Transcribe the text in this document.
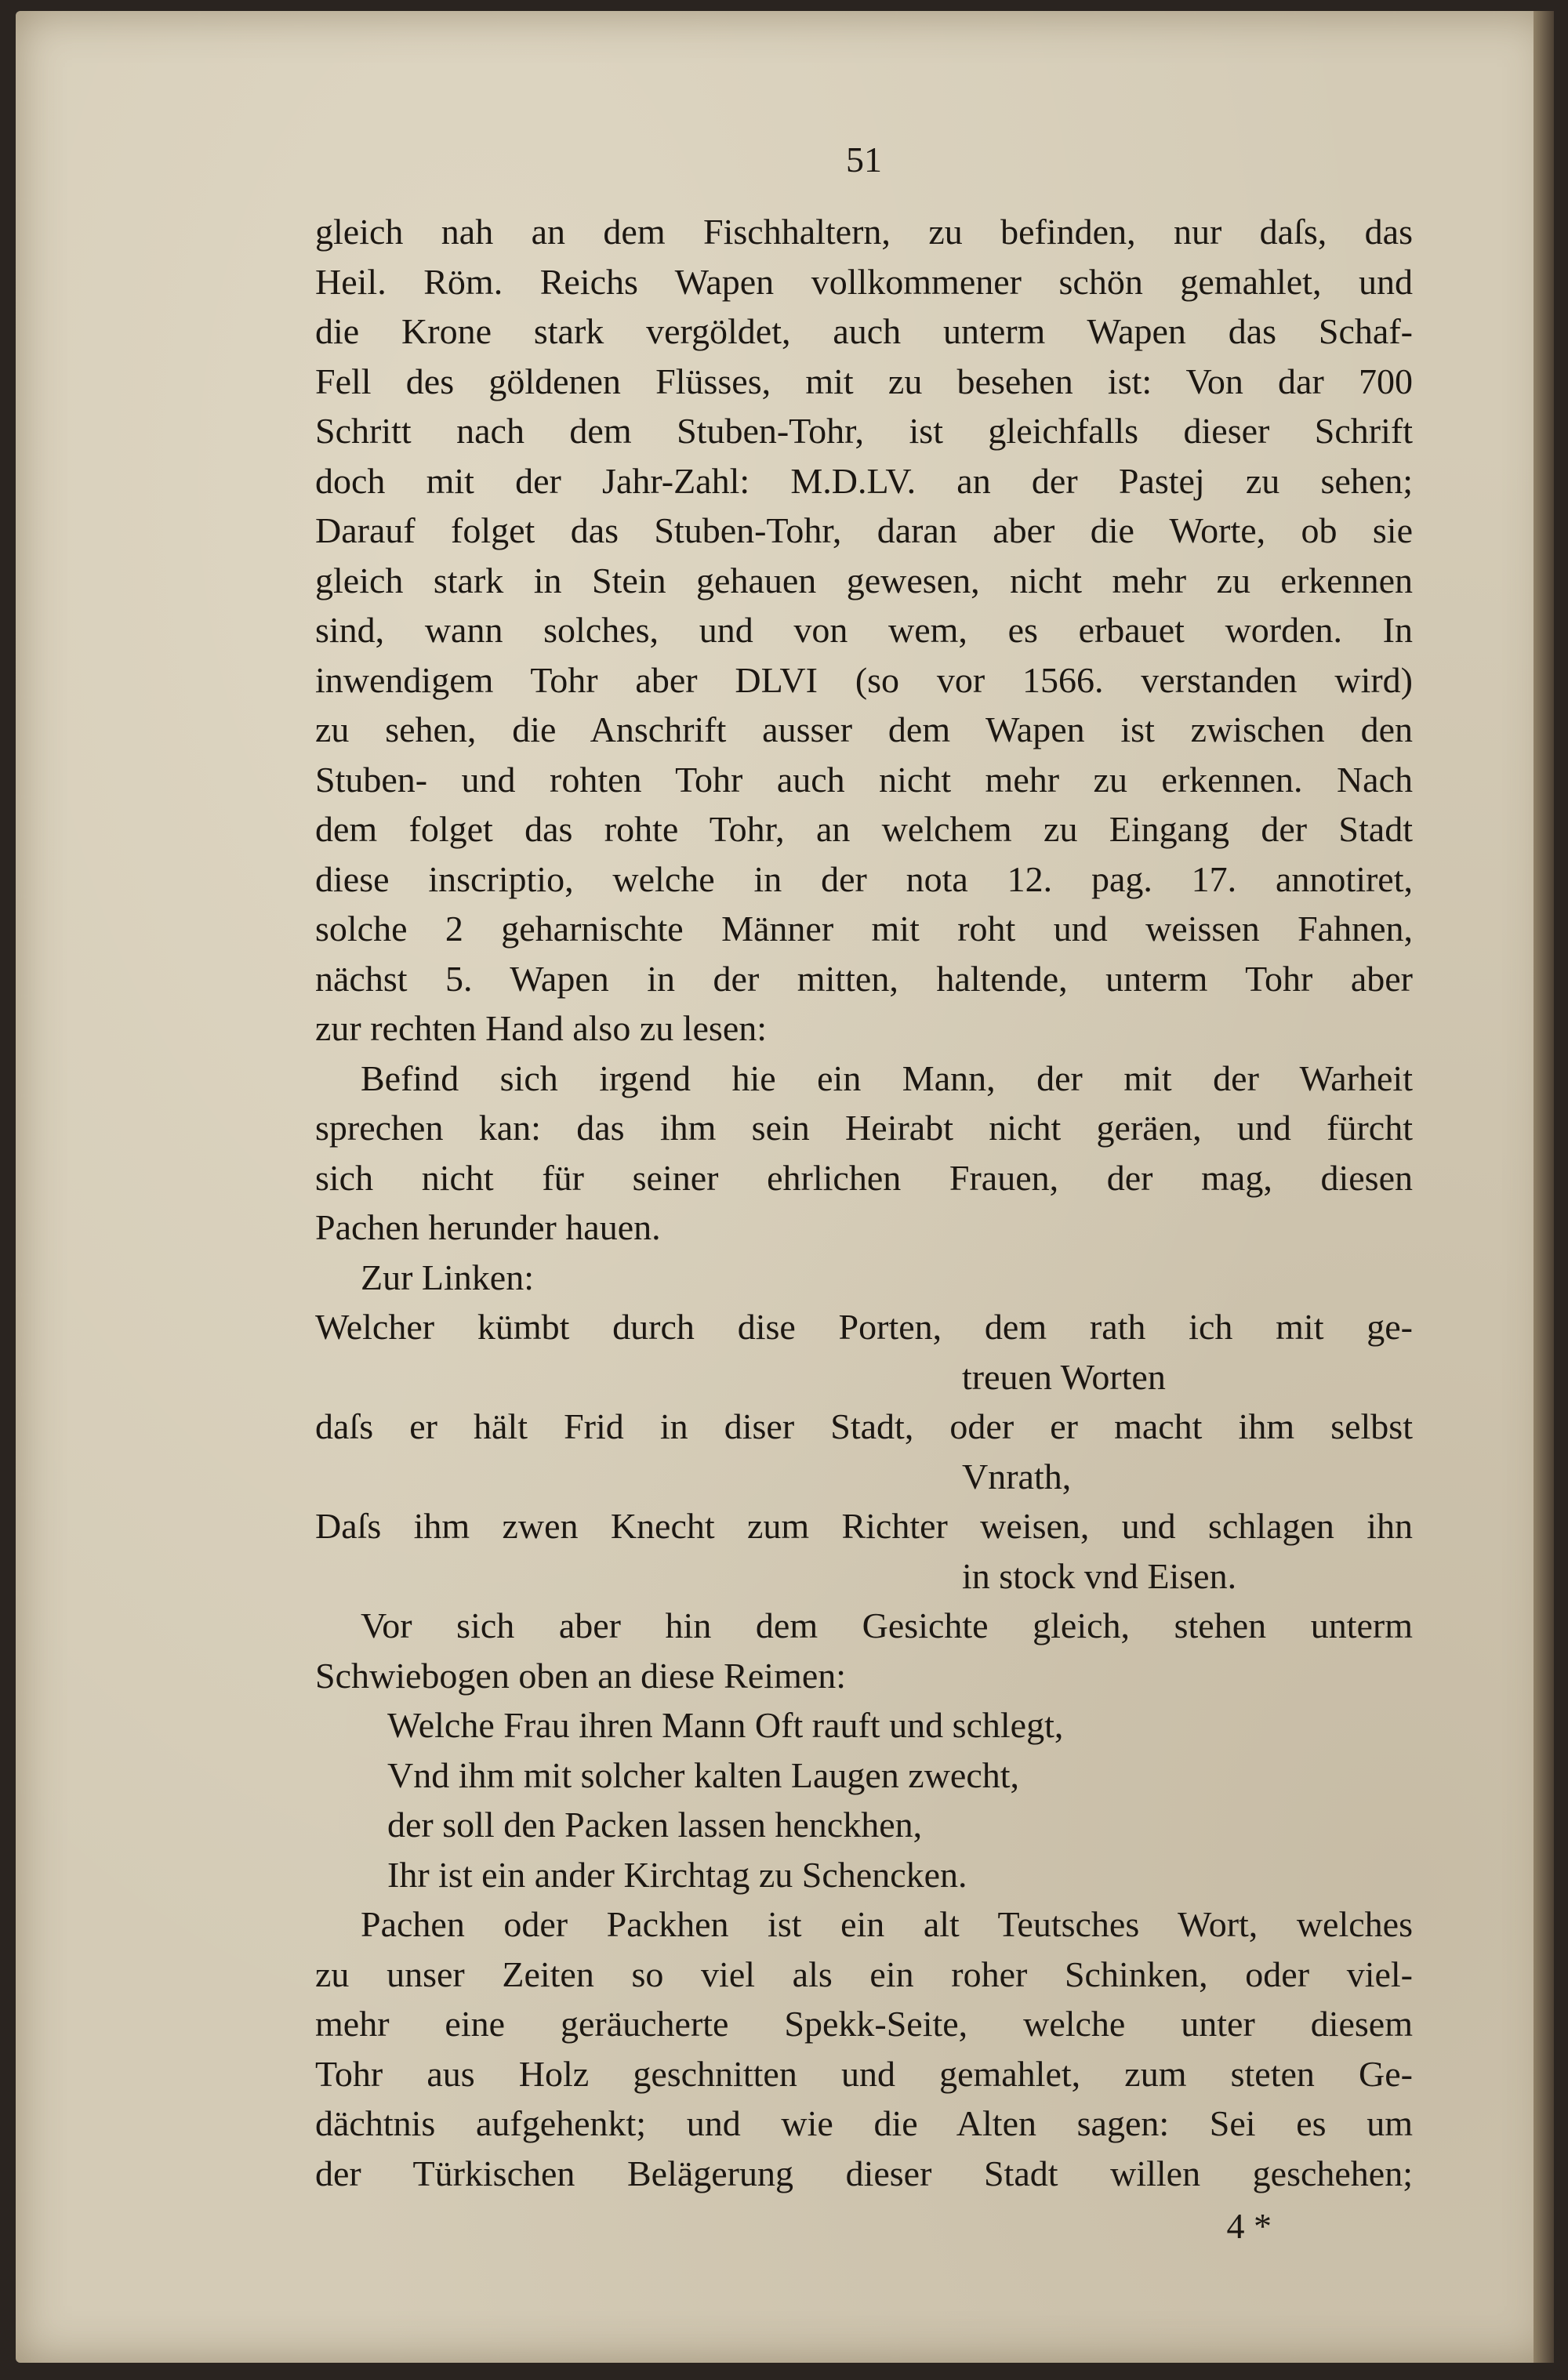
51
gleich nah an dem Fischhaltern, zu befinden, nur daſs, das
Heil. Röm. Reichs Wapen vollkommener schön gemahlet, und
die Krone stark vergöldet, auch unterm Wapen das Schaf-
Fell des göldenen Flüsses, mit zu besehen ist: Von dar 700
Schritt nach dem Stuben-Tohr, ist gleichfalls dieser Schrift
doch mit der Jahr-Zahl: M.D.LV. an der Pastej zu sehen;
Darauf folget das Stuben-Tohr, daran aber die Worte, ob sie
gleich stark in Stein gehauen gewesen, nicht mehr zu erkennen
sind, wann solches, und von wem, es erbauet worden. In
inwendigem Tohr aber DLVI (so vor 1566. verstanden wird)
zu sehen, die Anschrift ausser dem Wapen ist zwischen den
Stuben- und rohten Tohr auch nicht mehr zu erkennen. Nach
dem folget das rohte Tohr, an welchem zu Eingang der Stadt
diese inscriptio, welche in der nota 12. pag. 17. annotiret,
solche 2 geharnischte Männer mit roht und weissen Fahnen,
nächst 5. Wapen in der mitten, haltende, unterm Tohr aber
zur rechten Hand also zu lesen:
Befind sich irgend hie ein Mann, der mit der Warheit
sprechen kan: das ihm sein Heirabt nicht geräen, und fürcht
sich nicht für seiner ehrlichen Frauen, der mag, diesen
Pachen herunder hauen.
Zur Linken:
Welcher kümbt durch dise Porten, dem rath ich mit ge-
treuen Worten
daſs er hält Frid in diser Stadt, oder er macht ihm selbst
Vnrath,
Daſs ihm zwen Knecht zum Richter weisen, und schlagen ihn
in stock vnd Eisen.
Vor sich aber hin dem Gesichte gleich, stehen unterm
Schwiebogen oben an diese Reimen:
Welche Frau ihren Mann Oft rauft und schlegt,
Vnd ihm mit solcher kalten Laugen zwecht,
der soll den Packen lassen henckhen,
Ihr ist ein ander Kirchtag zu Schencken.
Pachen oder Packhen ist ein alt Teutsches Wort, welches
zu unser Zeiten so viel als ein roher Schinken, oder viel-
mehr eine geräucherte Spekk-Seite, welche unter diesem
Tohr aus Holz geschnitten und gemahlet, zum steten Ge-
dächtnis aufgehenkt; und wie die Alten sagen: Sei es um
der Türkischen Belägerung dieser Stadt willen geschehen;
4 *
